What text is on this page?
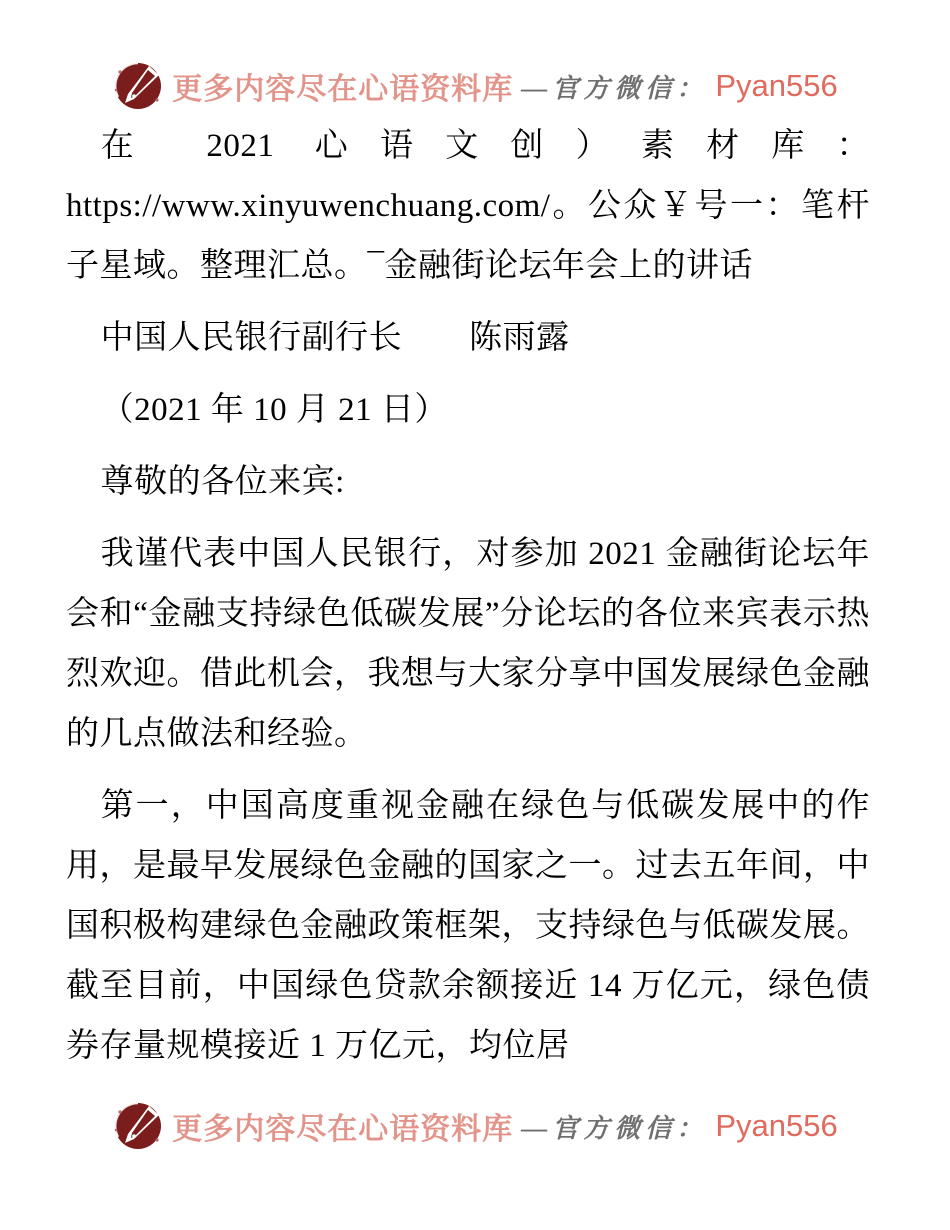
更多内容尽在心语资料库 —官方微信： Pyan556

在 2021 心语文创）素材库：https://www.xinyuwenchuang.com/。公众￥号一：笔杆子星域。整理汇总。¯金融街论坛年会上的讲话

中国人民银行副行长　　陈雨露

（2021 年 10 月 21 日）

尊敬的各位来宾:

我谨代表中国人民银行，对参加 2021 金融街论坛年会和“金融支持绿色低碳发展”分论坛的各位来宾表示热烈欢迎。借此机会，我想与大家分享中国发展绿色金融的几点做法和经验。

第一，中国高度重视金融在绿色与低碳发展中的作用，是最早发展绿色金融的国家之一。过去五年间，中国积极构建绿色金融政策框架，支持绿色与低碳发展。截至目前，中国绿色贷款余额接近 14 万亿元，绿色债券存量规模接近 1 万亿元，均位居

更多内容尽在心语资料库 —官方微信： Pyan556
